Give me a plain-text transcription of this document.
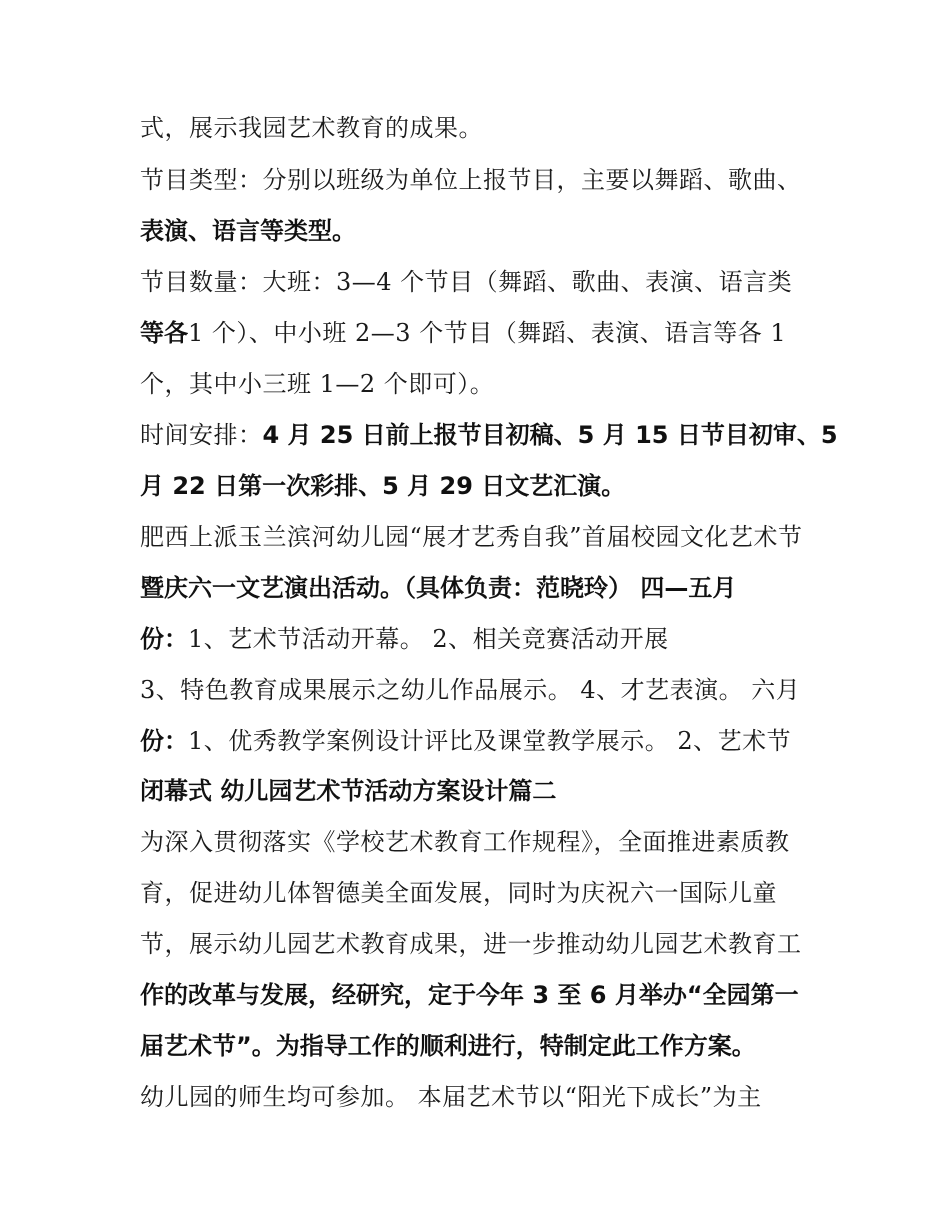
式，展示我园艺术教育的成果。
节目类型：分别以班级为单位上报节目，主要以舞蹈、歌曲、
表演、语言等类型。
节目数量：大班：3—4 个节目（舞蹈、歌曲、表演、语言类
等各1 个）、中小班 2—3 个节目（舞蹈、表演、语言等各 1
个，其中小三班 1—2 个即可）。
时间安排：4 月 25 日前上报节目初稿、5 月 15 日节目初审、5
月 22 日第一次彩排、5 月 29 日文艺汇演。
肥西上派玉兰滨河幼儿园“展才艺秀自我”首届校园文化艺术节
暨庆六一文艺演出活动。（具体负责：范晓玲） 四—五月
份：1、艺术节活动开幕。 2、相关竞赛活动开展
3、特色教育成果展示之幼儿作品展示。 4、才艺表演。 六月
份：1、优秀教学案例设计评比及课堂教学展示。 2、艺术节
闭幕式 幼儿园艺术节活动方案设计篇二
为深入贯彻落实《学校艺术教育工作规程》，全面推进素质教
育，促进幼儿体智德美全面发展，同时为庆祝六一国际儿童
节，展示幼儿园艺术教育成果，进一步推动幼儿园艺术教育工
作的改革与发展，经研究，定于今年 3 至 6 月举办“全园第一
届艺术节”。为指导工作的顺利进行，特制定此工作方案。
幼儿园的师生均可参加。 本届艺术节以“阳光下成长”为主
